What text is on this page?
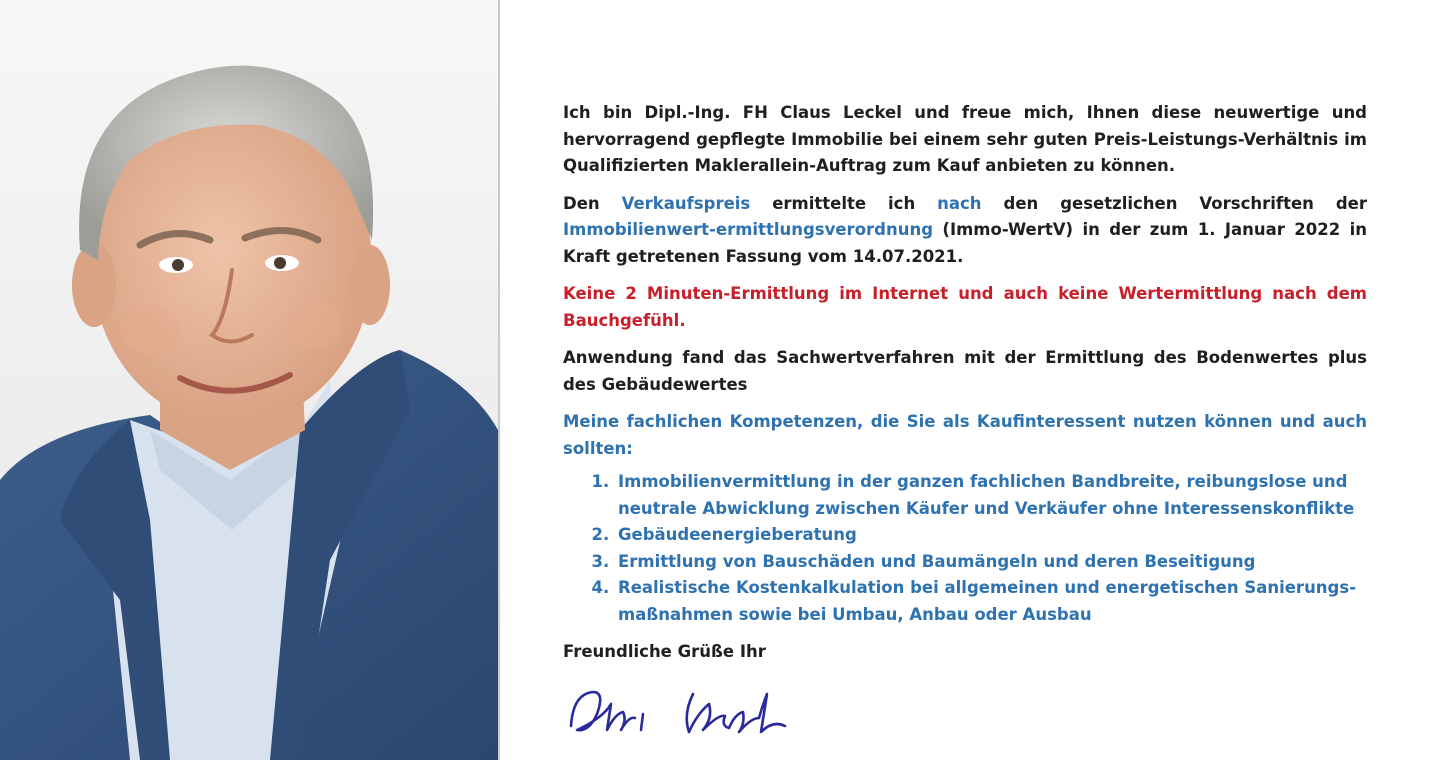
Ich bin Dipl.-Ing. FH Claus Leckel und freue mich, Ihnen diese neuwertige und hervorragend gepflegte Immobilie bei einem sehr guten Preis-Leistungs-Verhältnis im Qualifizierten Maklerallein-Auftrag zum Kauf anbieten zu können.

Den Verkaufspreis ermittelte ich nach den gesetzlichen Vorschriften der Immobilienwert-ermittlungsverordnung (Immo-WertV) in der zum 1. Januar 2022 in Kraft getretenen Fassung vom 14.07.2021.

Keine 2 Minuten-Ermittlung im Internet und auch keine Wertermittlung nach dem Bauchgefühl.

Anwendung fand das Sachwertverfahren mit der Ermittlung des Bodenwertes plus des Gebäudewertes

Meine fachlichen Kompetenzen, die Sie als Kaufinteressent nutzen können und auch sollten:

1. Immobilienvermittlung in der ganzen fachlichen Bandbreite, reibungslose und neutrale Abwicklung zwischen Käufer und Verkäufer ohne Interessenskonflikte
2. Gebäudeenergieberatung
3. Ermittlung von Bauschäden und Baumängeln und deren Beseitigung
4. Realistische Kostenkalkulation bei allgemeinen und energetischen Sanierungs-maßnahmen sowie bei Umbau, Anbau oder Ausbau

Freundliche Grüße Ihr
